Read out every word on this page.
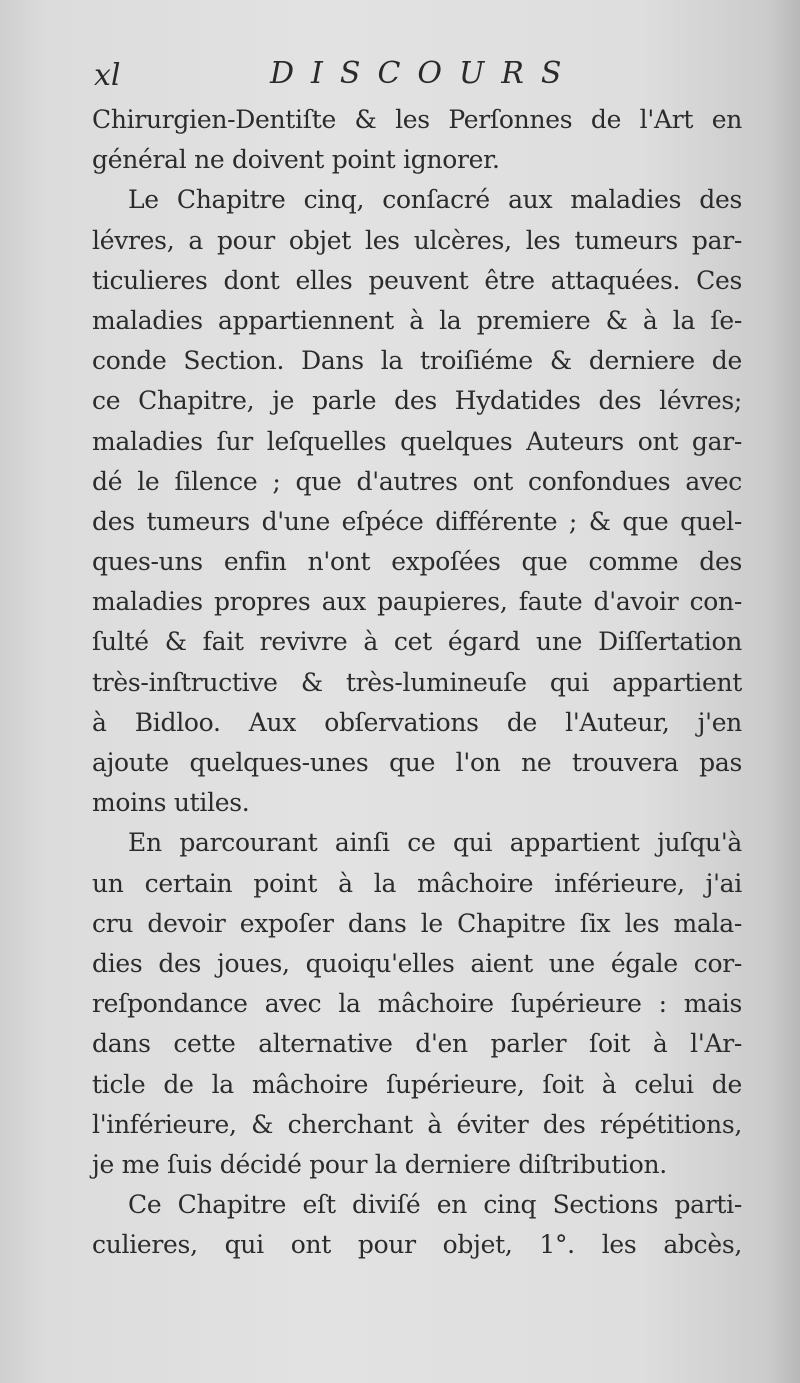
xl	DISCOURS
Chirurgien-Dentiſte & les Perſonnes de l'Art en
général ne doivent point ignorer.
Le Chapitre cinq, conſacré aux maladies des
lévres, a pour objet les ulcères, les tumeurs par-
ticulieres dont elles peuvent être attaquées. Ces
maladies appartiennent à la premiere & à la ſe-
conde Section. Dans la troiſiéme & derniere de
ce Chapitre, je parle des Hydatides des lévres;
maladies ſur leſquelles quelques Auteurs ont gar-
dé le ſilence ; que d'autres ont confondues avec
des tumeurs d'une eſpéce différente ; & que quel-
ques-uns enfin n'ont expoſées que comme des
maladies propres aux paupieres, faute d'avoir con-
ſulté & fait revivre à cet égard une Diſſertation
très-inſtructive & très-lumineuſe qui appartient
à Bidloo. Aux obſervations de l'Auteur, j'en
ajoute quelques-unes que l'on ne trouvera pas
moins utiles.
En parcourant ainſi ce qui appartient juſqu'à
un certain point à la mâchoire inférieure, j'ai
cru devoir expoſer dans le Chapitre ſix les mala-
dies des joues, quoiqu'elles aient une égale cor-
reſpondance avec la mâchoire ſupérieure : mais
dans cette alternative d'en parler ſoit à l'Ar-
ticle de la mâchoire ſupérieure, ſoit à celui de
l'inférieure, & cherchant à éviter des répétitions,
je me ſuis décidé pour la derniere diſtribution.
Ce Chapitre eſt diviſé en cinq Sections parti-
culieres, qui ont pour objet, 1°. les abcès,
